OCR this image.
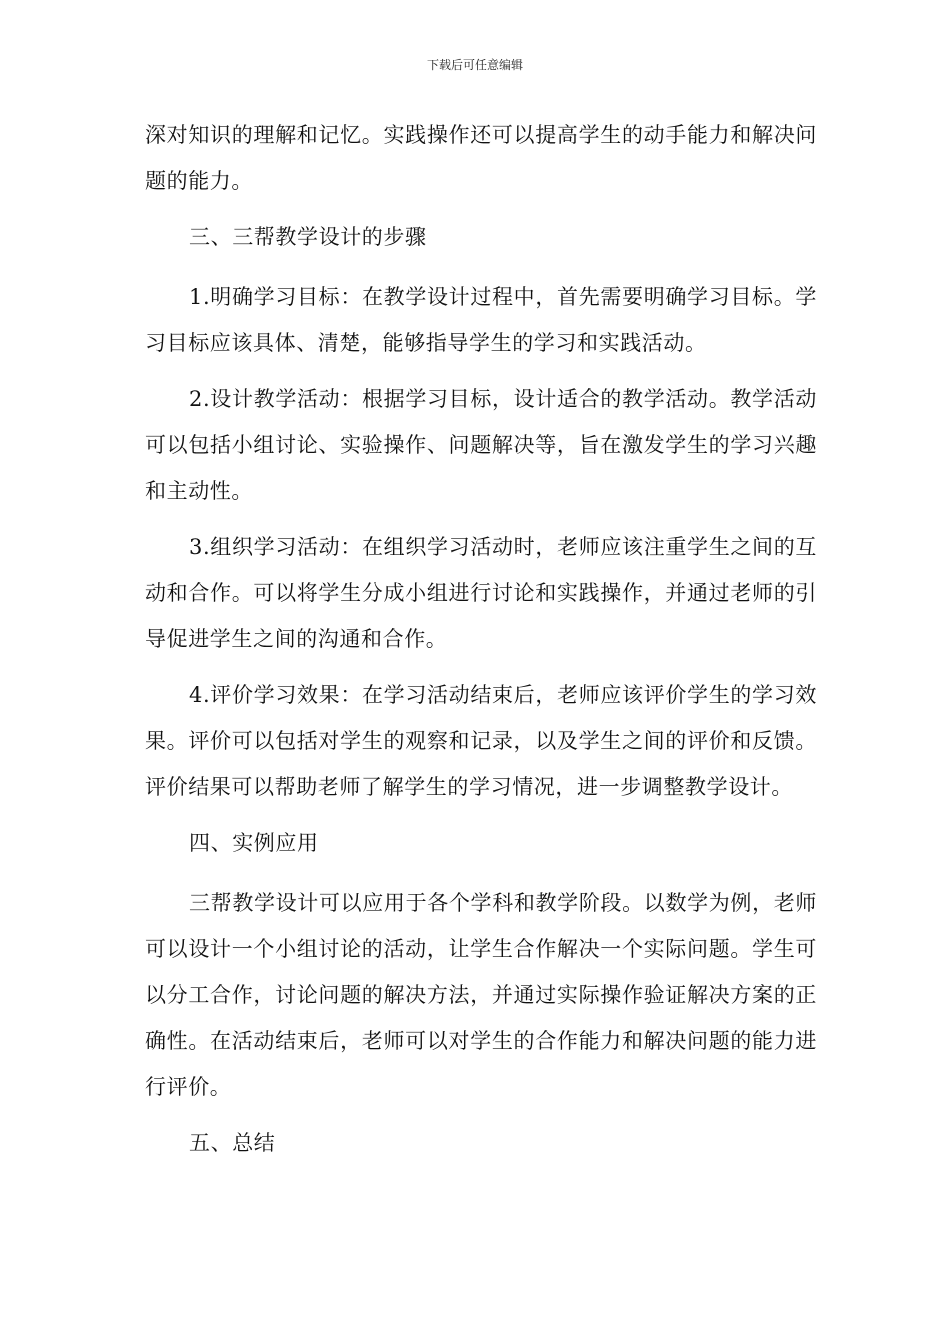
下载后可任意编辑

深对知识的理解和记忆。实践操作还可以提高学生的动手能力和解决问题的能力。

三、三帮教学设计的步骤

1.明确学习目标：在教学设计过程中，首先需要明确学习目标。学习目标应该具体、清楚，能够指导学生的学习和实践活动。

2.设计教学活动：根据学习目标，设计适合的教学活动。教学活动可以包括小组讨论、实验操作、问题解决等，旨在激发学生的学习兴趣和主动性。

3.组织学习活动：在组织学习活动时，老师应该注重学生之间的互动和合作。可以将学生分成小组进行讨论和实践操作，并通过老师的引导促进学生之间的沟通和合作。

4.评价学习效果：在学习活动结束后，老师应该评价学生的学习效果。评价可以包括对学生的观察和记录，以及学生之间的评价和反馈。评价结果可以帮助老师了解学生的学习情况，进一步调整教学设计。

四、实例应用

三帮教学设计可以应用于各个学科和教学阶段。以数学为例，老师可以设计一个小组讨论的活动，让学生合作解决一个实际问题。学生可以分工合作，讨论问题的解决方法，并通过实际操作验证解决方案的正确性。在活动结束后，老师可以对学生的合作能力和解决问题的能力进行评价。

五、总结
